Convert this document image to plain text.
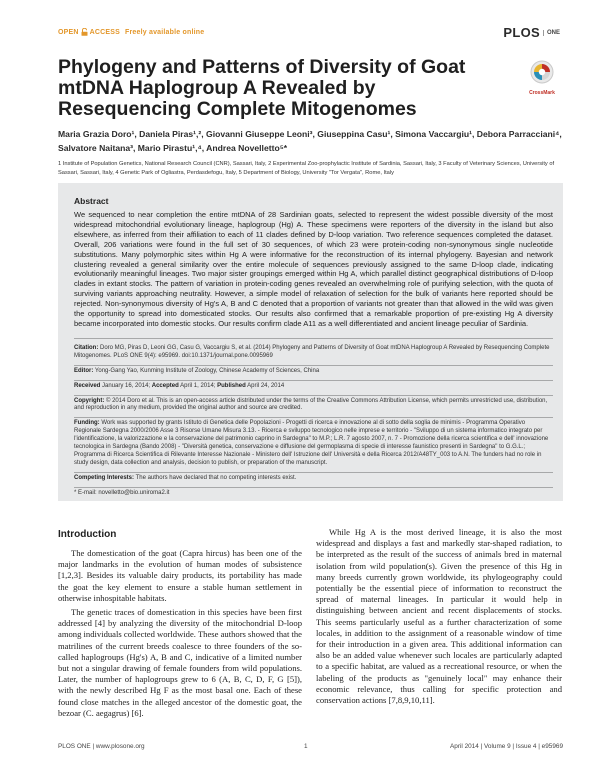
OPEN ACCESS Freely available online	PLOS	ONE
Phylogeny and Patterns of Diversity of Goat mtDNA Haplogroup A Revealed by Resequencing Complete Mitogenomes
CrossMark
Maria Grazia Doro¹, Daniela Piras¹,², Giovanni Giuseppe Leoni³, Giuseppina Casu¹, Simona Vaccargiu¹, Debora Parracciani⁴, Salvatore Naitana³, Mario Pirastu¹,⁴, Andrea Novelletto⁵*
1 Institute of Population Genetics, National Research Council (CNR), Sassari, Italy, 2 Experimental Zoo-prophylactic Institute of Sardinia, Sassari, Italy, 3 Faculty of Veterinary Sciences, University of Sassari, Sassari, Italy, 4 Genetic Park of Ogliastra, Perdasdefogu, Italy, 5 Department of Biology, University "Tor Vergata", Rome, Italy
Abstract
We sequenced to near completion the entire mtDNA of 28 Sardinian goats, selected to represent the widest possible diversity of the most widespread mitochondrial evolutionary lineage, haplogroup (Hg) A. These specimens were reporters of the diversity in the island but also elsewhere, as inferred from their affiliation to each of 11 clades defined by D-loop variation. Two reference sequences completed the dataset. Overall, 206 variations were found in the full set of 30 sequences, of which 23 were protein-coding non-synonymous single nucleotide substitutions. Many polymorphic sites within Hg A were informative for the reconstruction of its internal phylogeny. Bayesian and network clustering revealed a general similarity over the entire molecule of sequences previously assigned to the same D-loop clade, indicating evolutionarily meaningful lineages. Two major sister groupings emerged within Hg A, which parallel distinct geographical distributions of D-loop clades in extant stocks. The pattern of variation in protein-coding genes revealed an overwhelming role of purifying selection, with the quota of surviving variants approaching neutrality. However, a simple model of relaxation of selection for the bulk of variants here reported should be rejected. Non-synonymous diversity of Hg's A, B and C denoted that a proportion of variants not greater than that allowed in the wild was given the opportunity to spread into domesticated stocks. Our results also confirmed that a remarkable proportion of pre-existing Hg A diversity became incorporated into domestic stocks. Our results confirm clade A11 as a well differentiated and ancient lineage peculiar of Sardinia.

Citation: Doro MG, Piras D, Leoni GG, Casu G, Vaccargiu S, et al. (2014) Phylogeny and Patterns of Diversity of Goat mtDNA Haplogroup A Revealed by Resequencing Complete Mitogenomes. PLoS ONE 9(4): e95969. doi:10.1371/journal.pone.0095969

Editor: Yong-Gang Yao, Kunming Institute of Zoology, Chinese Academy of Sciences, China

Received January 16, 2014; Accepted April 1, 2014; Published April 24, 2014

Copyright: © 2014 Doro et al. This is an open-access article distributed under the terms of the Creative Commons Attribution License, which permits unrestricted use, distribution, and reproduction in any medium, provided the original author and source are credited.

Funding: Work was supported by grants Istituto di Genetica delle Popolazioni - Progetti di ricerca e innovazione al di sotto della soglia de minimis - Programma Operativo Regionale Sardegna 2000/2006 Asse 3 Risorse Umane Misura 3.13. - Ricerca e sviluppo tecnologico nelle imprese e territorio - "Sviluppo di un sistema informatico integrato per l'identificazione, la valorizzazione e la conservazione del patrimonio caprino in Sardegna" to M.P.; L.R. 7 agosto 2007, n. 7 - Promozione della ricerca scientifica e dell' innovazione tecnologica in Sardegna (Bando 2008) - "Diversità genetica, conservazione e diffusione del germoplasma di specie di interesse faunistico presenti in Sardegna" to G.G.L.; Programma di Ricerca Scientifica di Rilevante Interesse Nazionale - Ministero dell' Istruzione dell' Università e della Ricerca 2012/A48TY_003 to A.N. The funders had no role in study design, data collection and analysis, decision to publish, or preparation of the manuscript.

Competing Interests: The authors have declared that no competing interests exist.

* E-mail: novelletto@bio.uniroma2.it

Introduction

The domestication of the goat (Capra hircus) has been one of the major landmarks in the evolution of human modes of subsistence [1,2,3]. Besides its valuable dairy products, its portability has made the goat the key element to ensure a stable human settlement in otherwise inhospitable habitats.

The genetic traces of domestication in this species have been first addressed [4] by analyzing the diversity of the mitochondrial D-loop among individuals collected worldwide. These authors showed that the matrilines of the current breeds coalesce to three founders of the so-called haplogroups (Hg's) A, B and C, indicative of a limited number but not a singular drawing of female founders from wild populations. Later, the number of haplogroups grew to 6 (A, B, C, D, F, G [5]), with the newly described Hg F as the most basal one. Each of these found close matches in the alleged ancestor of the domestic goat, the bezoar (C. aegagrus) [6].

While Hg A is the most derived lineage, it is also the most widespread and displays a fast and markedly star-shaped radiation, to be interpreted as the result of the success of animals bred in maternal isolation from wild population(s). Given the presence of this Hg in many breeds currently grown worldwide, its phylogeography could potentially be the essential piece of information to reconstruct the spread of maternal lineages. In particular it would help in distinguishing between ancient and recent displacements of stocks. This seems particularly useful as a further characterization of some locales, in addition to the assignment of a reasonable window of time for their introduction in a given area. This additional information can also be an added value whenever such locales are particularly adapted to a specific habitat, are valued as a recreational resource, or when the labeling of the products as "genuinely local" may enhance their economic relevance, thus calling for specific protection and conservation actions [7,8,9,10,11].

PLOS ONE | www.plosone.org	1	April 2014 | Volume 9 | Issue 4 | e95969
